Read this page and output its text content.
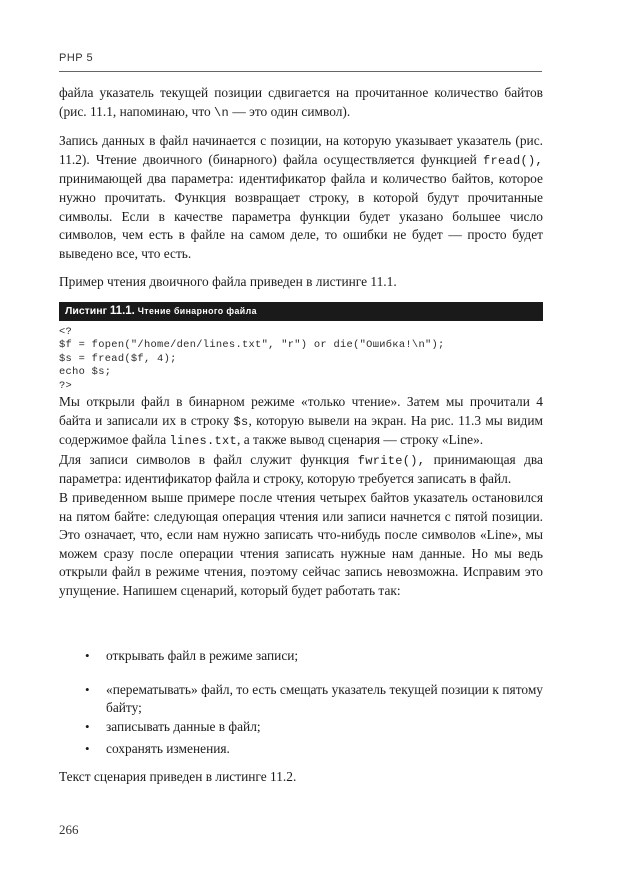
PHP 5

файла указатель текущей позиции сдвигается на прочитанное количество байтов (рис. 11.1, напоминаю, что \n — это один символ).

Запись данных в файл начинается с позиции, на которую указывает указатель (рис. 11.2). Чтение двоичного (бинарного) файла осуществляется функцией fread(), принимающей два параметра: идентификатор файла и количество байтов, которое нужно прочитать. Функция возвращает строку, в которой будут прочитанные символы. Если в качестве параметра функции будет указано большее число символов, чем есть в файле на самом деле, то ошибки не будет — просто будет выведено все, что есть.

Пример чтения двоичного файла приведен в листинге 11.1.

Листинг 11.1. Чтение бинарного файла
<?
$f = fopen("/home/den/lines.txt", "r") or die("Ошибка!\n");
$s = fread($f, 4);
echo $s;
?>

Мы открыли файл в бинарном режиме «только чтение». Затем мы прочитали 4 байта и записали их в строку $s, которую вывели на экран. На рис. 11.3 мы видим содержимое файла lines.txt, а также вывод сценария — строку «Line».

Для записи символов в файл служит функция fwrite(), принимающая два параметра: идентификатор файла и строку, которую требуется записать в файл.

В приведенном выше примере после чтения четырех байтов указатель остановился на пятом байте: следующая операция чтения или записи начнется с пятой позиции. Это означает, что, если нам нужно записать что-нибудь после символов «Line», мы можем сразу после операции чтения записать нужные нам данные. Но мы ведь открыли файл в режиме чтения, поэтому сейчас запись невозможна. Исправим это упущение. Напишем сценарий, который будет работать так:

• открывать файл в режиме записи;
• «перематывать» файл, то есть смещать указатель текущей позиции к пятому байту;
• записывать данные в файл;
• сохранять изменения.
Текст сценария приведен в листинге 11.2.
266
